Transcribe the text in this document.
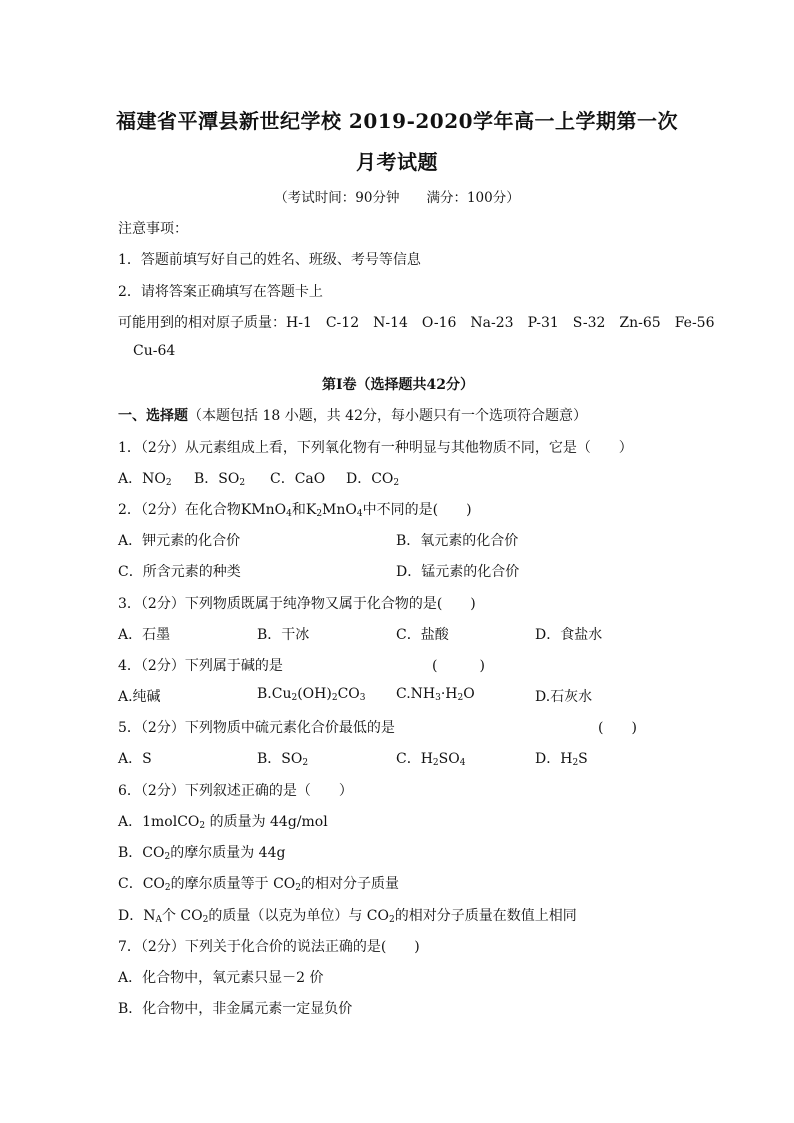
福建省平潭县新世纪学校 2019-2020学年高一上学期第一次
月考试题
（考试时间：90分钟　　满分：100分）
注意事项：
1．答题前填写好自己的姓名、班级、考号等信息
2．请将答案正确填写在答题卡上
可能用到的相对原子质量：H-1　C-12　N-14　O-16　Na-23　P-31　S-32　Zn-65　Fe-56
Cu-64
第Ⅰ卷（选择题共42分）
一、选择题（本题包括 18 小题，共 42分，每小题只有一个选项符合题意）
1．（2分）从元素组成上看，下列氧化物有一种明显与其他物质不同，它是（　　）
A．$NO_2$ B．$SO_2$ C．CaO D．$CO_2$
2．（2分）在化合物KMnO$_4$和$K_2MnO_4$中不同的是(　　)
A．钾元素的化合价	B．氧元素的化合价
C．所含元素的种类	D．锰元素的化合价
3．（2分）下列物质既属于纯净物又属于化合物的是(　　)
A．石墨	B．干冰	C．盐酸	D．食盐水
4．（2分）下列属于碱的是	(　　　)
A.纯碱	$B.Cu_2(OH)_2CO_3$ $C.NH_3\cdot H_2O$	D.石灰水
5．（2分）下列物质中硫元素化合价最低的是	(　　)
A．S	B．$SO_2$	C．$H_2SO_4$	D．$H_2S$
6．（2分）下列叙述正确的是（　　）
A．1molCO$_2$ 的质量为 44g/mol
B．$CO_2$的摩尔质量为 44g
C．$CO_2$的摩尔质量等于 $CO_2$的相对分子质量
D．$N_A$个 $CO_2$的质量（以克为单位）与 $CO_2$的相对分子质量在数值上相同
7．（2分）下列关于化合价的说法正确的是(　　)
A．化合物中，氧元素只显－2 价
B．化合物中，非金属元素一定显负价
